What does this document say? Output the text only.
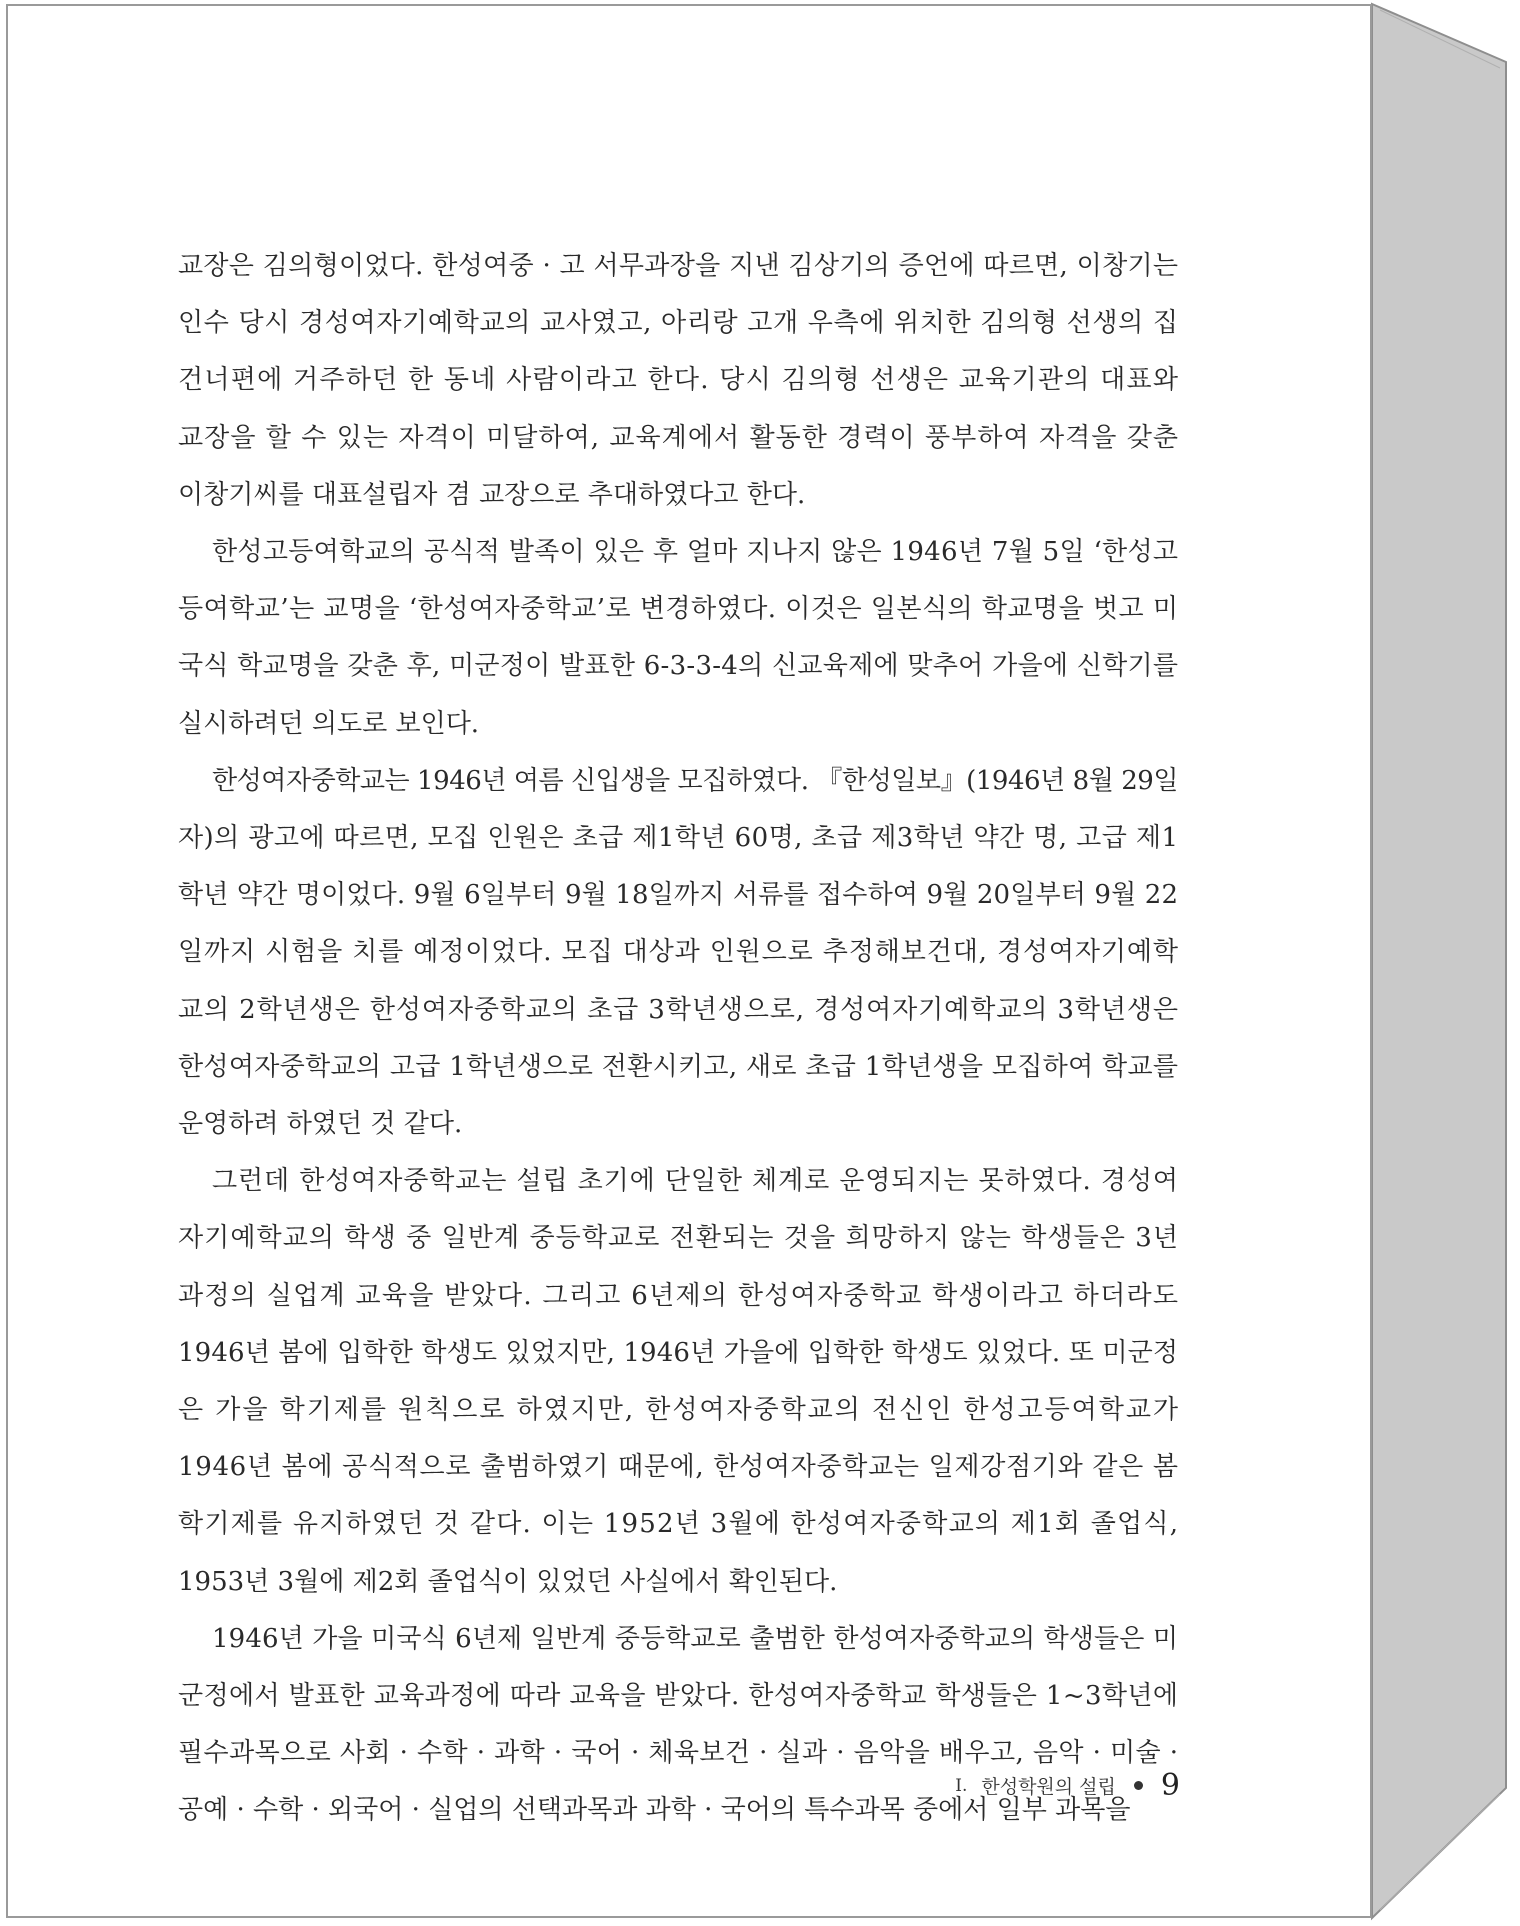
교장은 김의형이었다. 한성여중 · 고 서무과장을 지낸 김상기의 증언에 따르면, 이창기는
인수 당시 경성여자기예학교의 교사였고, 아리랑 고개 우측에 위치한 김의형 선생의 집
건너편에 거주하던 한 동네 사람이라고 한다. 당시 김의형 선생은 교육기관의 대표와
교장을 할 수 있는 자격이 미달하여, 교육계에서 활동한 경력이 풍부하여 자격을 갖춘
이창기씨를 대표설립자 겸 교장으로 추대하였다고 한다.
한성고등여학교의 공식적 발족이 있은 후 얼마 지나지 않은 1946년 7월 5일 ‘한성고
등여학교’는 교명을 ‘한성여자중학교’로 변경하였다. 이것은 일본식의 학교명을 벗고 미
국식 학교명을 갖춘 후, 미군정이 발표한 6-3-3-4의 신교육제에 맞추어 가을에 신학기를
실시하려던 의도로 보인다.
한성여자중학교는 1946년 여름 신입생을 모집하였다. 『한성일보』(1946년 8월 29일
자)의 광고에 따르면, 모집 인원은 초급 제1학년 60명, 초급 제3학년 약간 명, 고급 제1
학년 약간 명이었다. 9월 6일부터 9월 18일까지 서류를 접수하여 9월 20일부터 9월 22
일까지 시험을 치를 예정이었다. 모집 대상과 인원으로 추정해보건대, 경성여자기예학
교의 2학년생은 한성여자중학교의 초급 3학년생으로, 경성여자기예학교의 3학년생은
한성여자중학교의 고급 1학년생으로 전환시키고, 새로 초급 1학년생을 모집하여 학교를
운영하려 하였던 것 같다.
그런데 한성여자중학교는 설립 초기에 단일한 체계로 운영되지는 못하였다. 경성여
자기예학교의 학생 중 일반계 중등학교로 전환되는 것을 희망하지 않는 학생들은 3년
과정의 실업계 교육을 받았다. 그리고 6년제의 한성여자중학교 학생이라고 하더라도
1946년 봄에 입학한 학생도 있었지만, 1946년 가을에 입학한 학생도 있었다. 또 미군정
은 가을 학기제를 원칙으로 하였지만, 한성여자중학교의 전신인 한성고등여학교가
1946년 봄에 공식적으로 출범하였기 때문에, 한성여자중학교는 일제강점기와 같은 봄
학기제를 유지하였던 것 같다. 이는 1952년 3월에 한성여자중학교의 제1회 졸업식,
1953년 3월에 제2회 졸업식이 있었던 사실에서 확인된다.
1946년 가을 미국식 6년제 일반계 중등학교로 출범한 한성여자중학교의 학생들은 미
군정에서 발표한 교육과정에 따라 교육을 받았다. 한성여자중학교 학생들은 1~3학년에
필수과목으로 사회 · 수학 · 과학 · 국어 · 체육보건 · 실과 · 음악을 배우고, 음악 · 미술 ·
공예 · 수학 · 외국어 · 실업의 선택과목과 과학 · 국어의 특수과목 중에서 일부 과목을
Ⅰ. 한성학원의 설립 9
